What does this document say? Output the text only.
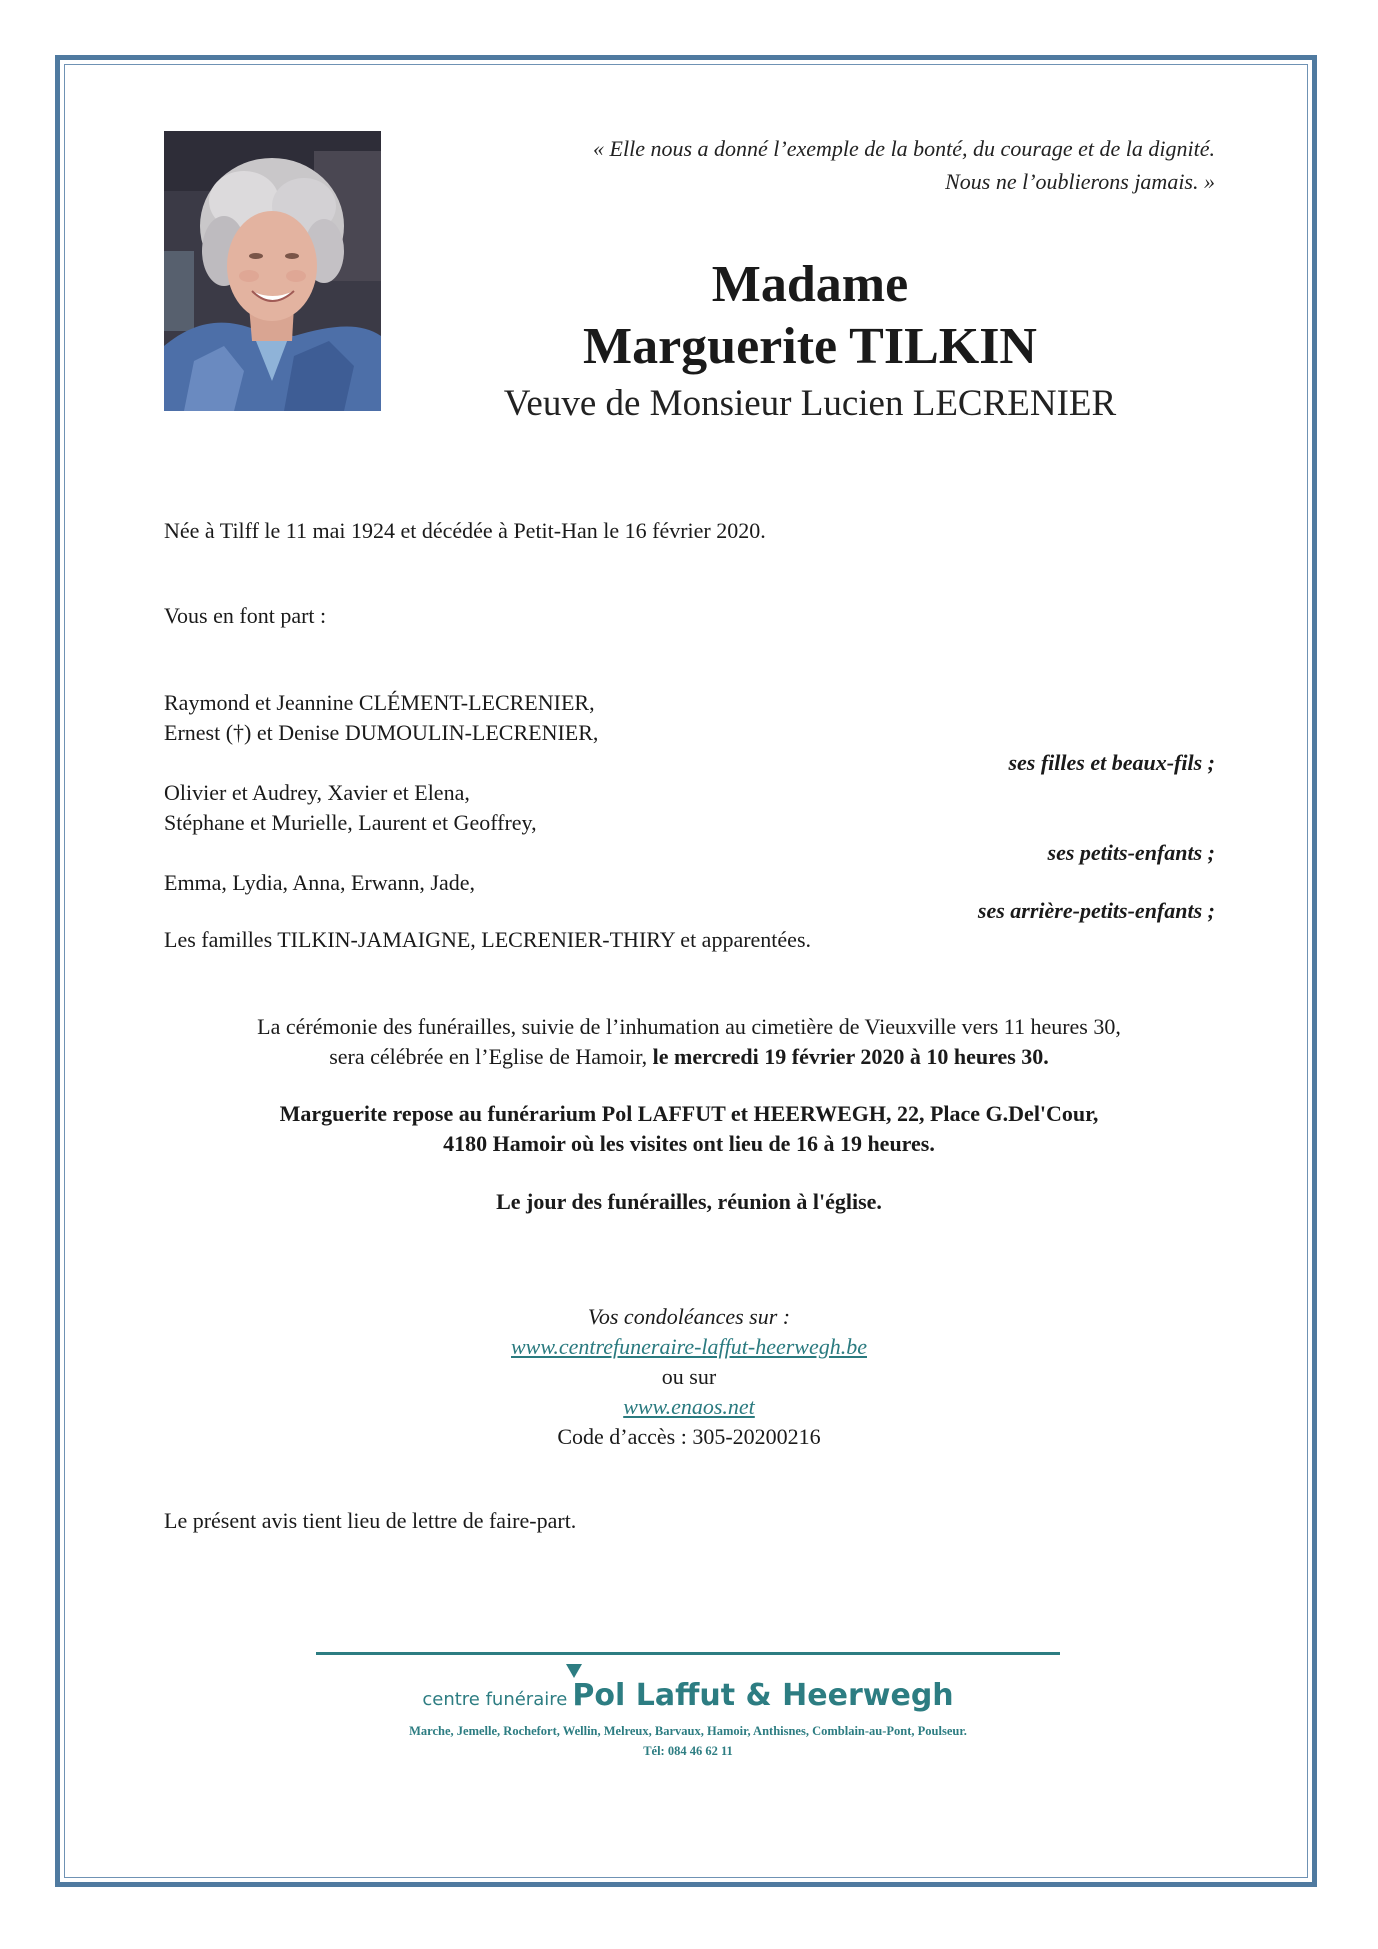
« Elle nous a donné l’exemple de la bonté, du courage et de la dignité.
Nous ne l’oublierons jamais. »
Madame
Marguerite TILKIN
Veuve de Monsieur Lucien LECRENIER
Née à Tilff le 11 mai 1924 et décédée à Petit-Han le 16 février 2020.
Vous en font part :
Raymond et Jeannine CLÉMENT-LECRENIER,
Ernest (†) et Denise DUMOULIN-LECRENIER,
ses filles et beaux-fils ;
Olivier et Audrey, Xavier et Elena,
Stéphane et Murielle, Laurent et Geoffrey,
ses petits-enfants ;
Emma, Lydia, Anna, Erwann, Jade,
ses arrière-petits-enfants ;
Les familles TILKIN-JAMAIGNE, LECRENIER-THIRY et apparentées.
La cérémonie des funérailles, suivie de l’inhumation au cimetière de Vieuxville vers 11 heures 30,
sera célébrée en l’Eglise de Hamoir, le mercredi 19 février 2020 à 10 heures 30.
Marguerite repose au funérarium Pol LAFFUT et HEERWEGH, 22, Place G.Del'Cour,
4180 Hamoir où les visites ont lieu de 16 à 19 heures.
Le jour des funérailles, réunion à l'église.
Vos condoléances sur :
www.centrefuneraire-laffut-heerwegh.be
ou sur
www.enaos.net
Code d’accès : 305-20200216
Le présent avis tient lieu de lettre de faire-part.
centre funéraire Pol Laffut & Heerwegh
Marche, Jemelle, Rochefort, Wellin, Melreux, Barvaux, Hamoir, Anthisnes, Comblain-au-Pont, Poulseur.
Tél: 084 46 62 11
